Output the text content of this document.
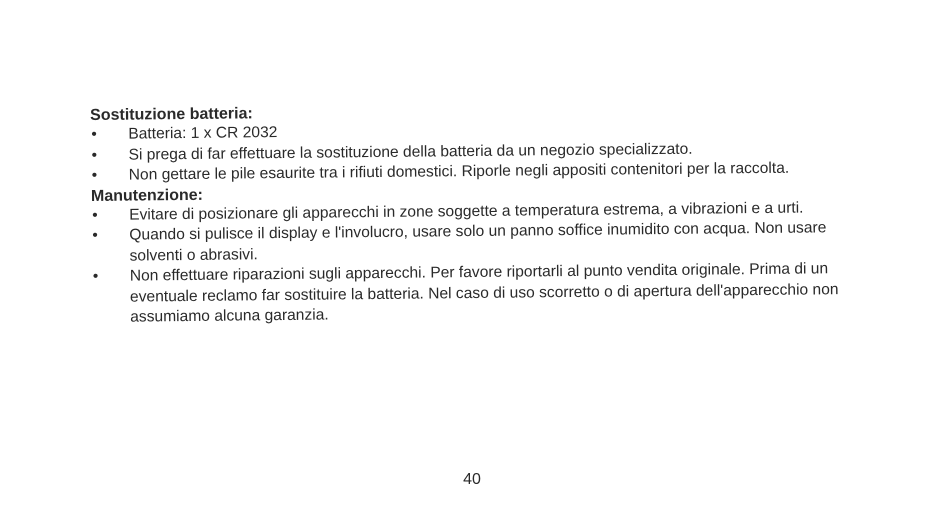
Sostituzione batteria:
•	Batteria: 1 x CR 2032
•	Si prega di far effettuare la sostituzione della batteria da un negozio specializzato.
•	Non gettare le pile esaurite tra i rifiuti domestici. Riporle negli appositi contenitori per la raccolta.
Manutenzione:
•	Evitare di posizionare gli apparecchi in zone soggette a temperatura estrema, a vibrazioni e a urti.
•	Quando si pulisce il display e l'involucro, usare solo un panno soffice inumidito con acqua. Non usare solventi o abrasivi.
•	Non effettuare riparazioni sugli apparecchi. Per favore riportarli al punto vendita originale. Prima di un eventuale reclamo far sostituire la batteria. Nel caso di uso scorretto o di apertura dell'apparecchio non assumiamo alcuna garanzia.
40
